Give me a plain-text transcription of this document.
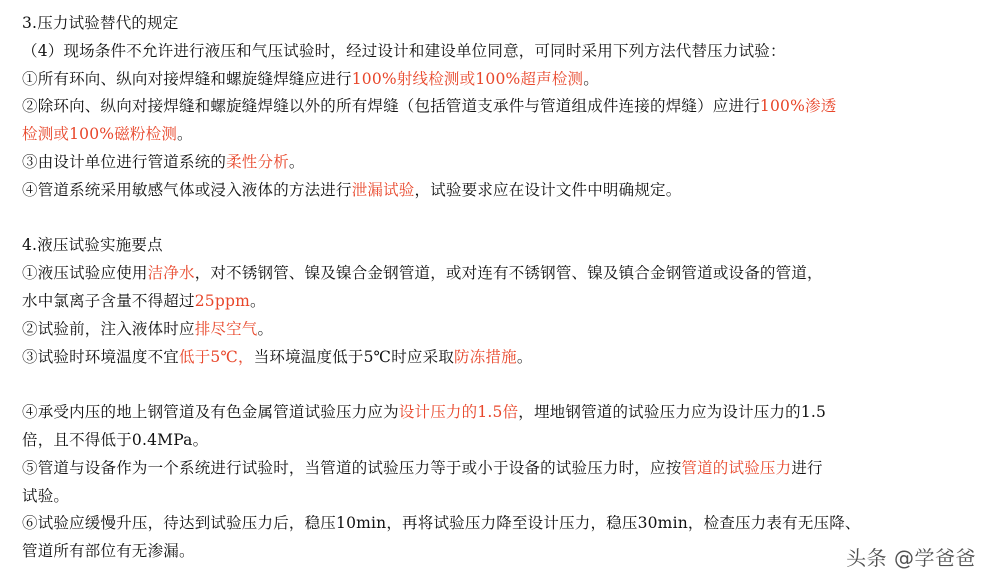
3.压力试验替代的规定
（4）现场条件不允许进行液压和气压试验时，经过设计和建设单位同意，可同时采用下列方法代替压力试验：
①所有环向、纵向对接焊缝和螺旋缝焊缝应进行100%射线检测或100%超声检测。
②除环向、纵向对接焊缝和螺旋缝焊缝以外的所有焊缝（包括管道支承件与管道组成件连接的焊缝）应进行100%渗透
检测或100%磁粉检测。
③由设计单位进行管道系统的柔性分析。
④管道系统采用敏感气体或浸入液体的方法进行泄漏试验，试验要求应在设计文件中明确规定。
4.液压试验实施要点
①液压试验应使用洁净水，对不锈钢管、镍及镍合金钢管道，或对连有不锈钢管、镍及镇合金钢管道或设备的管道，
水中氯离子含量不得超过25ppm。
②试验前，注入液体时应排尽空气。
③试验时环境温度不宜低于5℃，当环境温度低于5℃时应采取防冻措施。
④承受内压的地上钢管道及有色金属管道试验压力应为设计压力的1.5倍，埋地钢管道的试验压力应为设计压力的1.5
倍，且不得低于0.4MPa。
⑤管道与设备作为一个系统进行试验时，当管道的试验压力等于或小于设备的试验压力时，应按管道的试验压力进行
试验。
⑥试验应缓慢升压，待达到试验压力后，稳压10min，再将试验压力降至设计压力，稳压30min，检查压力表有无压降、
管道所有部位有无渗漏。	头条 @学爸爸
